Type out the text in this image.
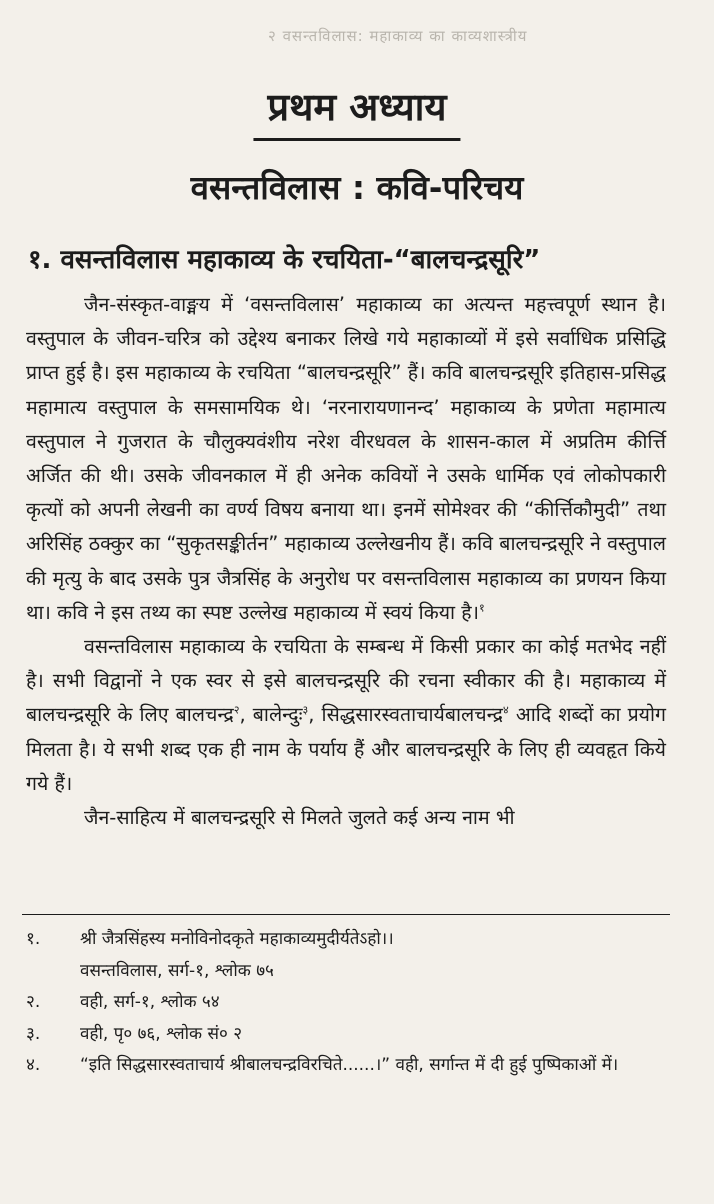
२ वसन्तविलास: महाकाव्य का काव्यशास्त्रीय
प्रथम अध्याय
वसन्तविलास : कवि-परिचय
१. वसन्तविलास महाकाव्य के रचयिता-“बालचन्द्रसूरि”

जैन-संस्कृत-वाङ्मय में ‘वसन्तविलास’ महाकाव्य का अत्यन्त महत्त्वपूर्ण स्थान है। वस्तुपाल के जीवन-चरित्र को उद्देश्य बनाकर लिखे गये महाकाव्यों में इसे सर्वाधिक प्रसिद्धि प्राप्त हुई है। इस महाकाव्य के रचयिता “बालचन्द्रसूरि” हैं। कवि बालचन्द्रसूरि इतिहास-प्रसिद्ध महामात्य वस्तुपाल के समसामयिक थे। ‘नरनारायणानन्द’ महाकाव्य के प्रणेता महामात्य वस्तुपाल ने गुजरात के चौलुक्यवंशीय नरेश वीरधवल के शासन-काल में अप्रतिम कीर्त्ति अर्जित की थी। उसके जीवनकाल में ही अनेक कवियों ने उसके धार्मिक एवं लोकोपकारी कृत्यों को अपनी लेखनी का वर्ण्य विषय बनाया था। इनमें सोमेश्वर की “कीर्त्तिकौमुदी” तथा अरिसिंह ठक्कुर का “सुकृतसङ्कीर्तन” महाकाव्य उल्लेखनीय हैं। कवि बालचन्द्रसूरि ने वस्तुपाल की मृत्यु के बाद उसके पुत्र जैत्रसिंह के अनुरोध पर वसन्तविलास महाकाव्य का प्रणयन किया था। कवि ने इस तथ्य का स्पष्ट उल्लेख महाकाव्य में स्वयं किया है।$^१$

वसन्तविलास महाकाव्य के रचयिता के सम्बन्ध में किसी प्रकार का कोई मतभेद नहीं है। सभी विद्वानों ने एक स्वर से इसे बालचन्द्रसूरि की रचना स्वीकार की है। महाकाव्य में बालचन्द्रसूरि के लिए बालचन्द्र$^२$, बालेन्दुः$^३$, सिद्धसारस्वताचार्यबालचन्द्र$^४$ आदि शब्दों का प्रयोग मिलता है। ये सभी शब्द एक ही नाम के पर्याय हैं और बालचन्द्रसूरि के लिए ही व्यवहृत किये गये हैं।

जैन-साहित्य में बालचन्द्रसूरि से मिलते जुलते कई अन्य नाम भी

१.	श्री जैत्रसिंहस्य मनोविनोदकृते महाकाव्यमुदीर्यतेऽहो।।
वसन्तविलास, सर्ग-१, श्लोक ७५
२.	वही, सर्ग-१, श्लोक ५४
३.	वही, पृ० ७६, श्लोक सं० २
४.	“इति सिद्धसारस्वताचार्य श्रीबालचन्द्रविरचिते......।” वही, सर्गान्त में दी हुई पुष्पिकाओं में।
